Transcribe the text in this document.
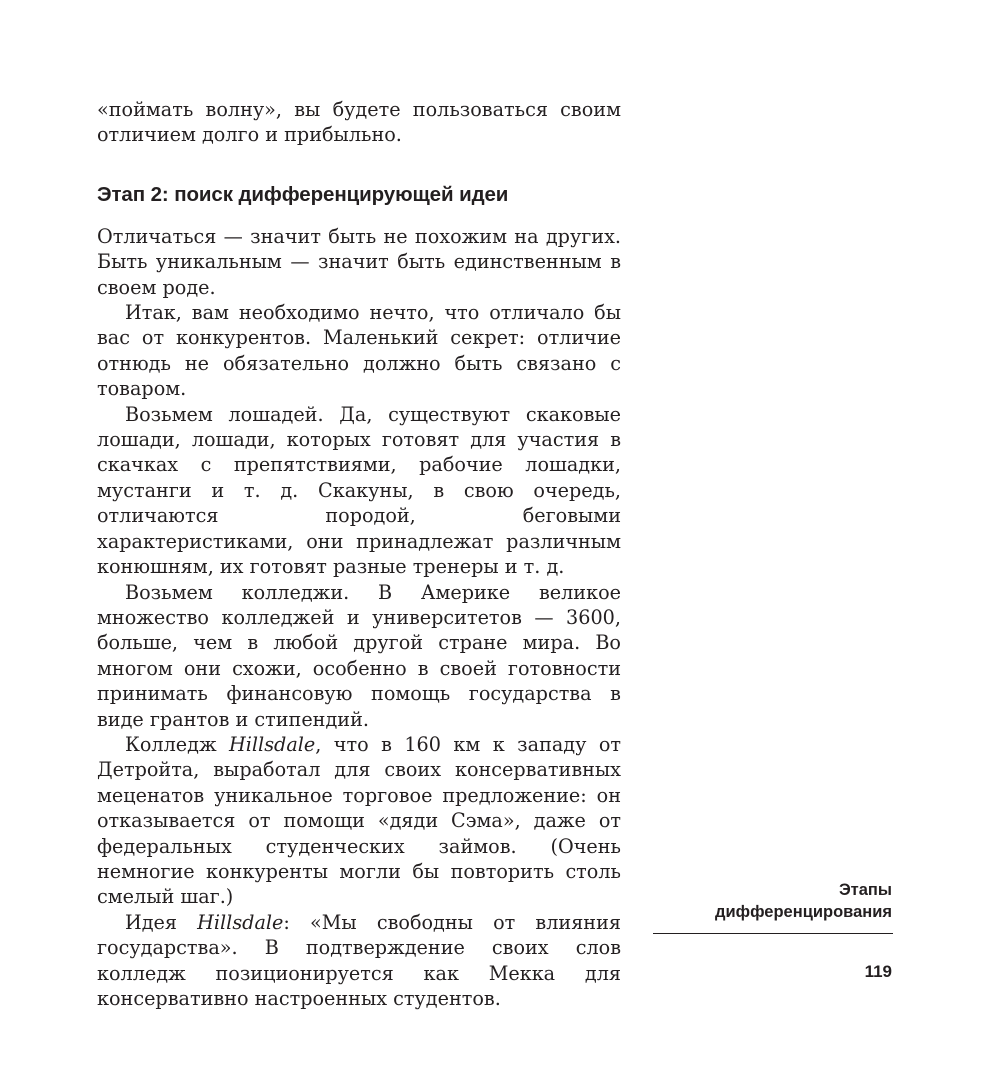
«поймать волну», вы будете пользоваться своим отличием долго и прибыльно.

Этап 2: поиск дифференцирующей идеи

Отличаться — значит быть не похожим на других. Быть уникальным — значит быть единственным в своем роде.

Итак, вам необходимо нечто, что отличало бы вас от конкурентов. Маленький секрет: отличие отнюдь не обязательно должно быть связано с товаром.

Возьмем лошадей. Да, существуют скаковые лошади, лошади, которых готовят для участия в скачках с препятствиями, рабочие лошадки, мустанги и т. д. Скакуны, в свою очередь, отличаются породой, беговыми характеристиками, они принадлежат различным конюшням, их готовят разные тренеры и т. д.

Возьмем колледжи. В Америке великое множество колледжей и университетов — 3600, больше, чем в любой другой стране мира. Во многом они схожи, особенно в своей готовности принимать финансовую помощь государства в виде грантов и стипендий.

Колледж Hillsdale, что в 160 км к западу от Детройта, выработал для своих консервативных меценатов уникальное торговое предложение: он отказывается от помощи «дяди Сэма», даже от федеральных студенческих займов. (Очень немногие конкуренты могли бы повторить столь смелый шаг.)

Идея Hillsdale: «Мы свободны от влияния государства». В подтверждение своих слов колледж позиционируется как Мекка для консервативно настроенных студентов.

Этапы
дифференцирования
119
